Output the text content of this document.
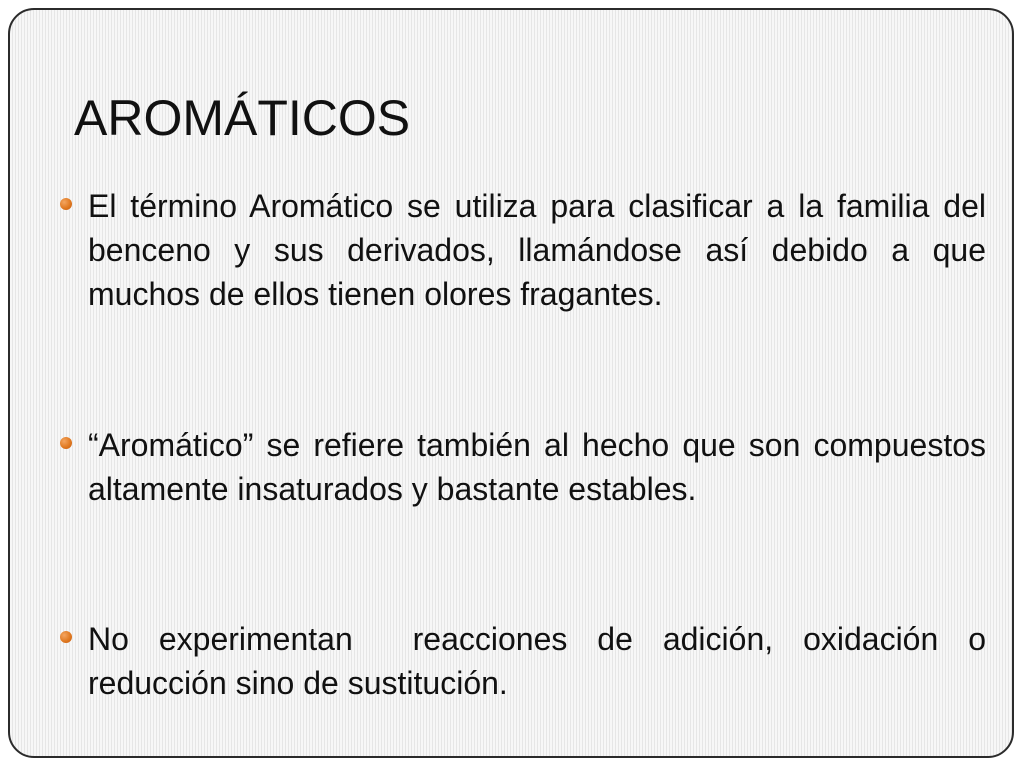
AROMÁTICOS

El término Aromático se utiliza para clasificar a la familia del benceno y sus derivados, llamándose así debido a que    muchos de ellos tienen olores fragantes.

“Aromático” se refiere también al hecho que son compuestos altamente insaturados y bastante estables.

No experimentan  reacciones de adición, oxidación o reducción sino de sustitución.
